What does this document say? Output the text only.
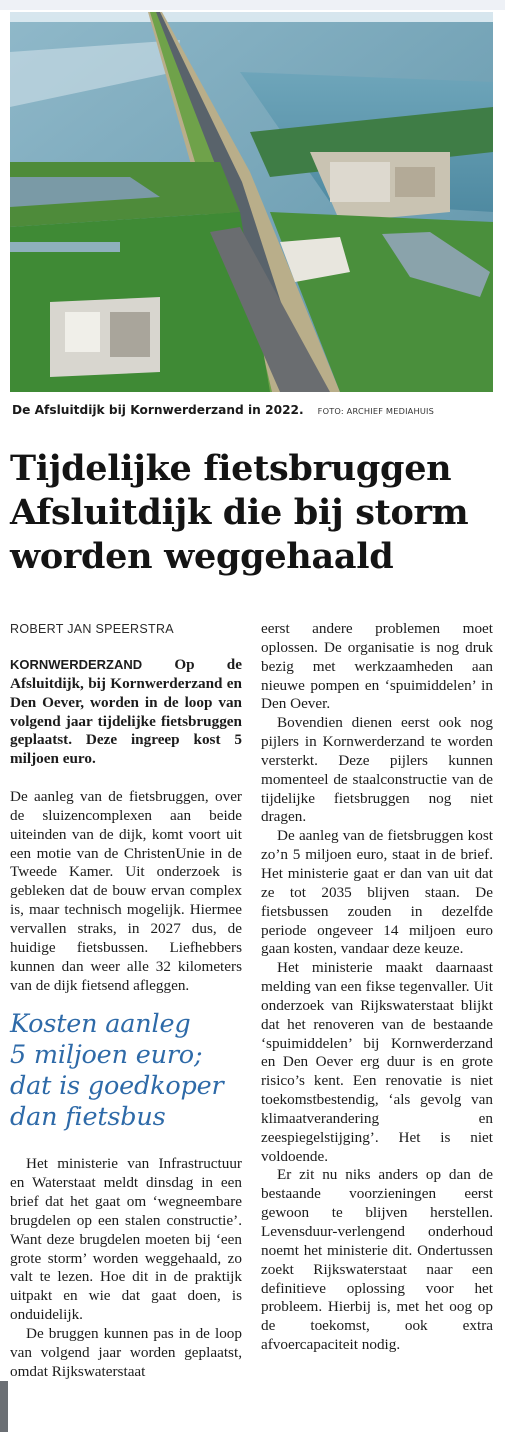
De Afsluitdijk bij Kornwerderzand in 2022. FOTO: ARCHIEF MEDIAHUIS
Tijdelijke fietsbruggen
Afsluitdijk die bij storm
worden weggehaald
ROBERT JAN SPEERSTRA

KORNWERDERZAND Op de Afsluitdijk, bij Kornwerderzand en Den Oever, worden in de loop van volgend jaar tijdelijke fietsbruggen geplaatst. Deze ingreep kost 5 miljoen euro.

De aanleg van de fietsbruggen, over de sluizencomplexen aan beide uiteinden van de dijk, komt voort uit een motie van de ChristenUnie in de Tweede Kamer. Uit onderzoek is gebleken dat de bouw ervan complex is, maar technisch mogelijk. Hiermee vervallen straks, in 2027 dus, de huidige fietsbussen. Liefhebbers kunnen dan weer alle 32 kilometers van de dijk fietsend afleggen.

Kosten aanleg
5 miljoen euro;
dat is goedkoper
dan fietsbus

Het ministerie van Infrastructuur en Waterstaat meldt dinsdag in een brief dat het gaat om ‘wegneembare brugdelen op een stalen constructie’. Want deze brugdelen moeten bij ‘een grote storm’ worden weggehaald, zo valt te lezen. Hoe dit in de praktijk uitpakt en wie dat gaat doen, is onduidelijk.

De bruggen kunnen pas in de loop van volgend jaar worden geplaatst, omdat Rijkswaterstaat

eerst andere problemen moet oplossen. De organisatie is nog druk bezig met werkzaamheden aan nieuwe pompen en ‘spuimiddelen’ in Den Oever.

Bovendien dienen eerst ook nog pijlers in Kornwerderzand te worden versterkt. Deze pijlers kunnen momenteel de staalconstructie van de tijdelijke fietsbruggen nog niet dragen.

De aanleg van de fietsbruggen kost zo’n 5 miljoen euro, staat in de brief. Het ministerie gaat er dan van uit dat ze tot 2035 blijven staan. De fietsbussen zouden in dezelfde periode ongeveer 14 miljoen euro gaan kosten, vandaar deze keuze.

Het ministerie maakt daarnaast melding van een fikse tegenvaller. Uit onderzoek van Rijkswaterstaat blijkt dat het renoveren van de bestaande ‘spuimiddelen’ bij Kornwerderzand en Den Oever erg duur is en grote risico’s kent. Een renovatie is niet toekomstbestendig, ‘als gevolg van klimaatverandering en zeespiegelstijging’. Het is niet voldoende.

Er zit nu niks anders op dan de bestaande voorzieningen eerst gewoon te blijven herstellen. Levensduur-verlengend onderhoud noemt het ministerie dit. Ondertussen zoekt Rijkswaterstaat naar een definitieve oplossing voor het probleem. Hierbij is, met het oog op de toekomst, ook extra afvoercapaciteit nodig.
